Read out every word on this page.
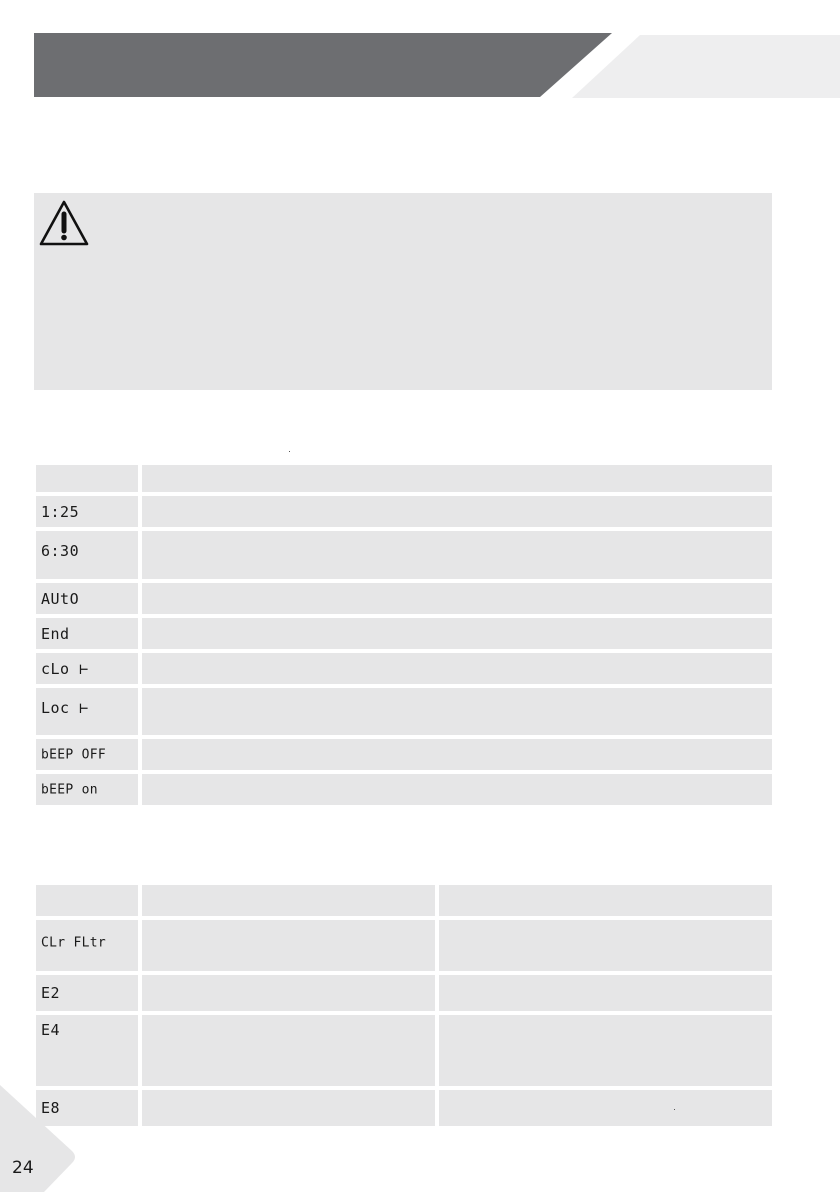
1:25
6:30
AUtO
End
cLo ⊢
Loc ⊢
bEEP OFF
bEEP on
CLr FLtr
E2
E4
E8
24
